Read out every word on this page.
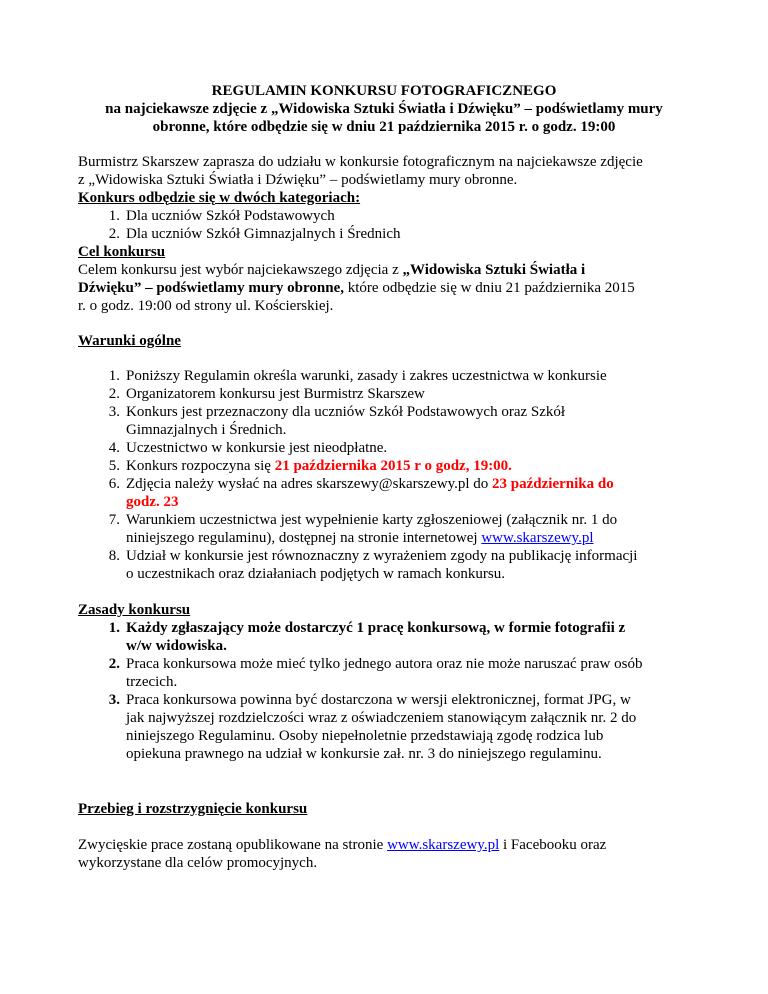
REGULAMIN KONKURSU FOTOGRAFICZNEGO
na najciekawsze zdjęcie z „Widowiska Sztuki Światła i Dźwięku” – podświetlamy mury
obronne, które odbędzie się w dniu 21 października 2015 r. o godz. 19:00
Burmistrz Skarszew zaprasza do udziału w konkursie fotograficznym na najciekawsze zdjęcie
z „Widowiska Sztuki Światła i Dźwięku” – podświetlamy mury obronne.
Konkurs odbędzie się w dwóch kategoriach:
1. Dla uczniów Szkół Podstawowych
2. Dla uczniów Szkół Gimnazjalnych i Średnich
Cel konkursu
Celem konkursu jest wybór najciekawszego zdjęcia z „Widowiska Sztuki Światła i
Dźwięku” – podświetlamy mury obronne, które odbędzie się w dniu 21 października 2015
r. o godz. 19:00 od strony ul. Kościerskiej.
Warunki ogólne
1. Poniższy Regulamin określa warunki, zasady i zakres uczestnictwa w konkursie
2. Organizatorem konkursu jest Burmistrz Skarszew
3. Konkurs jest przeznaczony dla uczniów Szkół Podstawowych oraz Szkół
Gimnazjalnych i Średnich.
4. Uczestnictwo w konkursie jest nieodpłatne.
5. Konkurs rozpoczyna się 21 października 2015 r o godz, 19:00.
6. Zdjęcia należy wysłać na adres skarszewy@skarszewy.pl do 23 października do
godz. 23
7. Warunkiem uczestnictwa jest wypełnienie karty zgłoszeniowej (załącznik nr. 1 do
niniejszego regulaminu), dostępnej na stronie internetowej www.skarszewy.pl
8. Udział w konkursie jest równoznaczny z wyrażeniem zgody na publikację informacji
o uczestnikach oraz działaniach podjętych w ramach konkursu.
Zasady konkursu
1. Każdy zgłaszający może dostarczyć 1 pracę konkursową, w formie fotografii z
w/w widowiska.
2. Praca konkursowa może mieć tylko jednego autora oraz nie może naruszać praw osób
trzecich.
3. Praca konkursowa powinna być dostarczona w wersji elektronicznej, format JPG, w
jak najwyższej rozdzielczości wraz z oświadczeniem stanowiącym załącznik nr. 2 do
niniejszego Regulaminu. Osoby niepełnoletnie przedstawiają zgodę rodzica lub
opiekuna prawnego na udział w konkursie zał. nr. 3 do niniejszego regulaminu.
Przebieg i rozstrzygnięcie konkursu
Zwycięskie prace zostaną opublikowane na stronie www.skarszewy.pl i Facebooku oraz
wykorzystane dla celów promocyjnych.
